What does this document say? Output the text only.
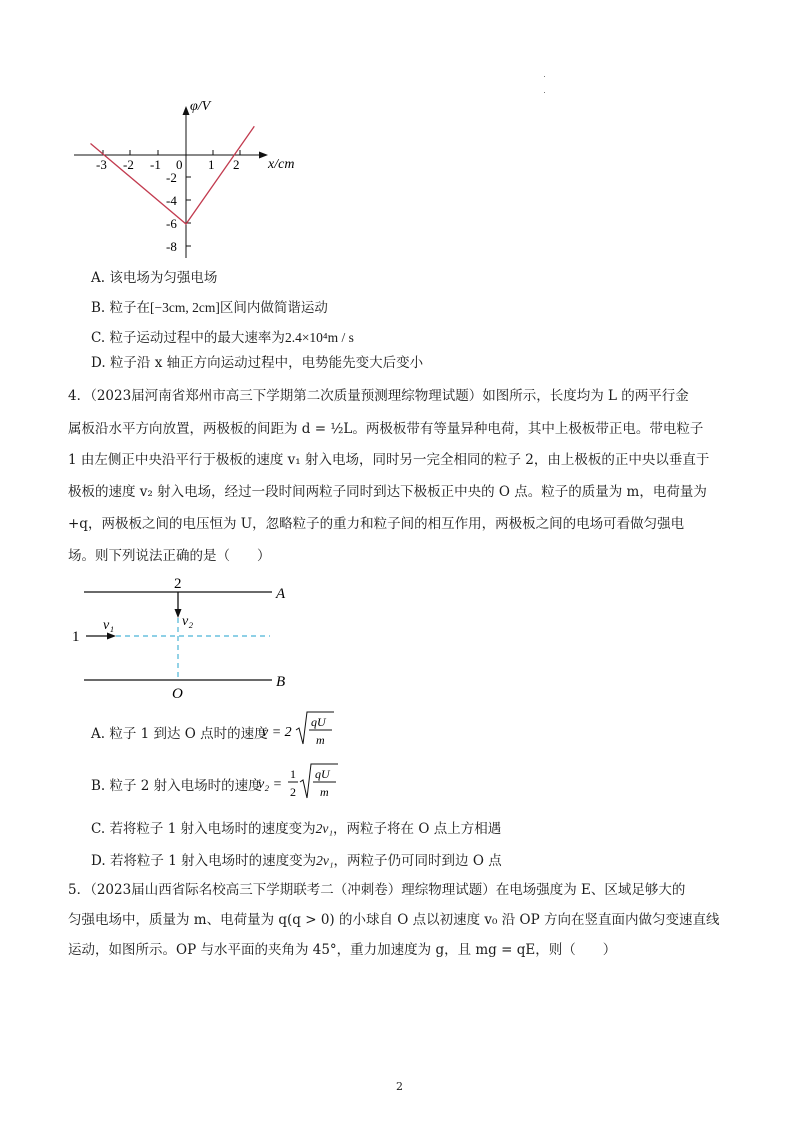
φ/V
x/cm
-3 -2 -1 0 1 2
-2
-4
-6
-8
A. 该电场为匀强电场
B. 粒子在[−3cm, 2cm]区间内做简谐运动
C. 粒子运动过程中的最大速率为2.4×10⁴m / s
D. 粒子沿 x 轴正方向运动过程中，电势能先变大后变小
4．（2023届河南省郑州市高三下学期第二次质量预测理综物理试题）如图所示，长度均为 L 的两平行金
属板沿水平方向放置，两极板的间距为 d = ½L。两极板带有等量异种电荷，其中上极板带正电。带电粒子
1 由左侧正中央沿平行于极板的速度 v₁ 射入电场，同时另一完全相同的粒子 2，由上极板的正中央以垂直于
极板的速度 v₂ 射入电场，经过一段时间两粒子同时到达下极板正中央的 O 点。粒子的质量为 m，电荷量为
+q，两极板之间的电压恒为 U，忽略粒子的重力和粒子间的相互作用，两极板之间的电场可看做匀强电
场。则下列说法正确的是（　　）
2
A
B
1
v₁	v₂
O
A. 粒子 1 到达 O 点时的速度
v = 2
qU
m
B. 粒子 2 射入电场时的速度
v₂ =
1
2
qU
m
C. 若将粒子 1 射入电场时的速度变为2v₁，两粒子将在 O 点上方相遇
D. 若将粒子 1 射入电场时的速度变为2v₁，两粒子仍可同时到边 O 点
5．（2023届山西省际名校高三下学期联考二（冲刺卷）理综物理试题）在电场强度为 E、区域足够大的
匀强电场中，质量为 m、电荷量为 q(q > 0) 的小球自 O 点以初速度 v₀ 沿 OP 方向在竖直面内做匀变速直线
运动，如图所示。OP 与水平面的夹角为 45°，重力加速度为 g，且 mg = qE，则（　　）
2
